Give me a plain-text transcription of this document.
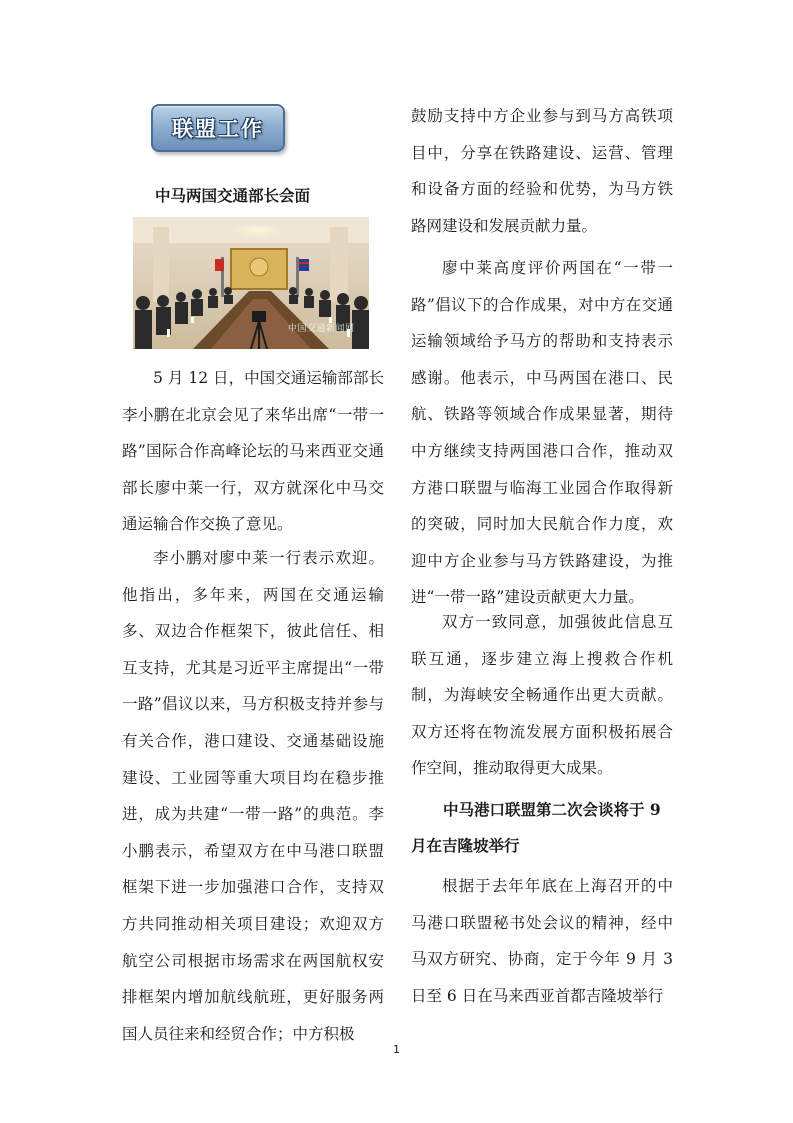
联盟工作

中马两国交通部长会面

中国交通新闻网

5 月 12 日，中国交通运输部部长李小鹏在北京会见了来华出席“一带一路”国际合作高峰论坛的马来西亚交通部长廖中莱一行，双方就深化中马交通运输合作交换了意见。

李小鹏对廖中莱一行表示欢迎。他指出，多年来，两国在交通运输多、双边合作框架下，彼此信任、相互支持，尤其是习近平主席提出“一带一路”倡议以来，马方积极支持并参与有关合作，港口建设、交通基础设施建设、工业园等重大项目均在稳步推进，成为共建“一带一路”的典范。李小鹏表示，希望双方在中马港口联盟框架下进一步加强港口合作，支持双方共同推动相关项目建设；欢迎双方航空公司根据市场需求在两国航权安排框架内增加航线航班，更好服务两国人员往来和经贸合作；中方积极

鼓励支持中方企业参与到马方高铁项目中，分享在铁路建设、运营、管理和设备方面的经验和优势，为马方铁路网建设和发展贡献力量。

廖中莱高度评价两国在“一带一路”倡议下的合作成果，对中方在交通运输领域给予马方的帮助和支持表示感谢。他表示，中马两国在港口、民航、铁路等领域合作成果显著，期待中方继续支持两国港口合作，推动双方港口联盟与临海工业园合作取得新的突破，同时加大民航合作力度，欢迎中方企业参与马方铁路建设，为推进“一带一路”建设贡献更大力量。

双方一致同意，加强彼此信息互联互通，逐步建立海上搜救合作机制，为海峡安全畅通作出更大贡献。双方还将在物流发展方面积极拓展合作空间，推动取得更大成果。

中马港口联盟第二次会谈将于 9

月在吉隆坡举行

根据于去年年底在上海召开的中马港口联盟秘书处会议的精神，经中马双方研究、协商，定于今年 9 月 3 日至 6 日在马来西亚首都吉隆坡举行

1
